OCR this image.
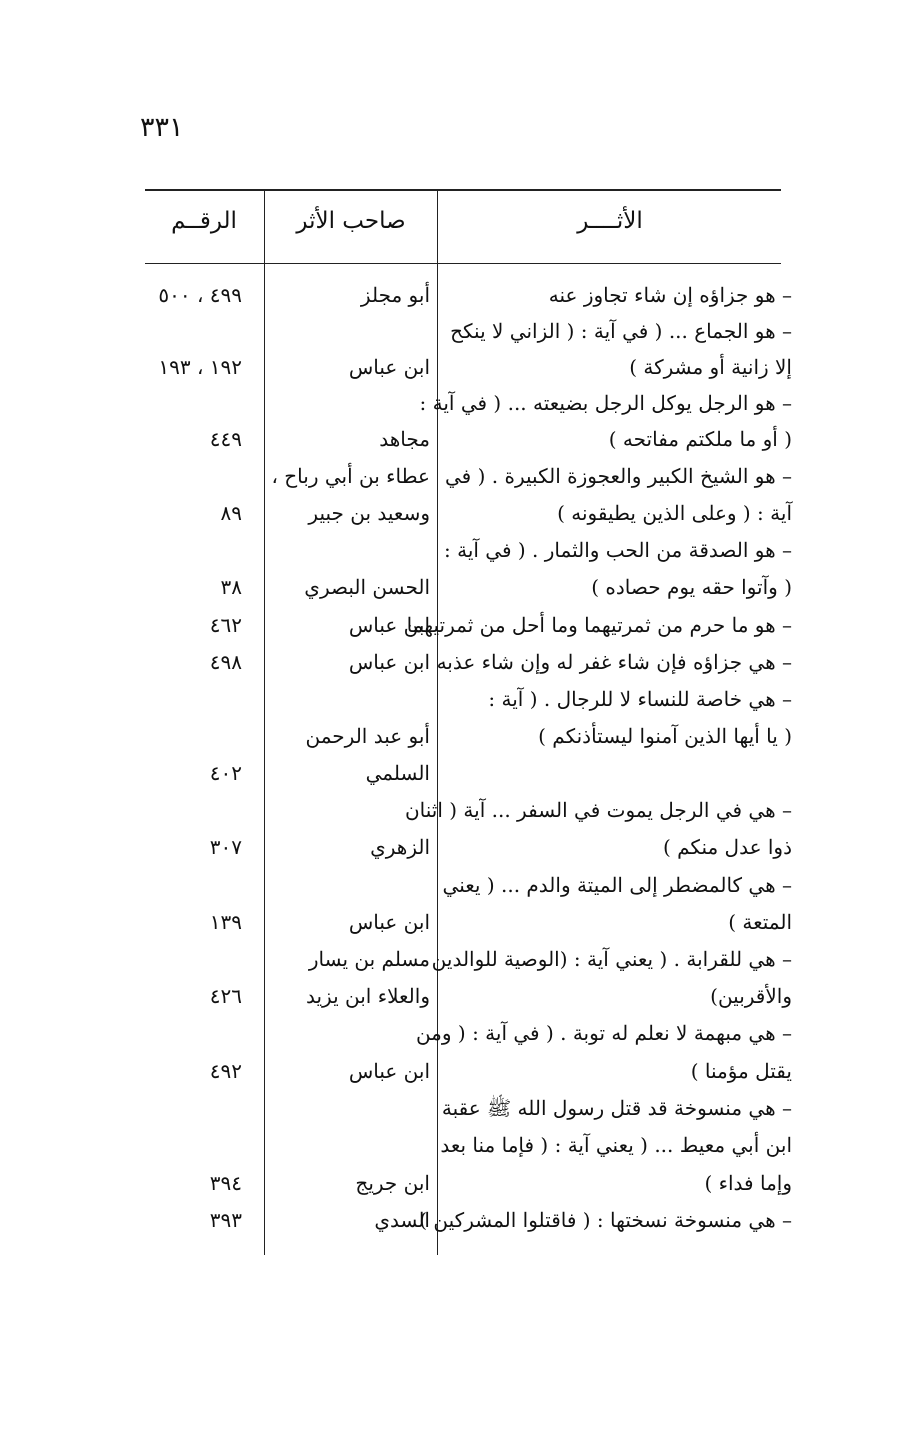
٣٣١
الأثــــر
صاحب الأثر
الرقــم
– هو جزاؤه إن شاء تجاوز عنه
– هو الجماع ... ( في آية : ( الزاني لا ينكح
إلا زانية أو مشركة )
– هو الرجل يوكل الرجل بضيعته ... ( في آية :
( أو ما ملكتم مفاتحه )
– هو الشيخ الكبير والعجوزة الكبيرة . ( في
آية : ( وعلى الذين يطيقونه )
– هو الصدقة من الحب والثمار . ( في آية :
( وآتوا حقه يوم حصاده )
– هو ما حرم من ثمرتيهما وما أحل من ثمرتيهما
– هي جزاؤه فإن شاء غفر له وإن شاء عذبه
– هي خاصة للنساء لا للرجال . ( آية :
( يا أيها الذين آمنوا ليستأذنكم )
– هي في الرجل يموت في السفر ... آية ( اثنان
ذوا عدل منكم )
– هي كالمضطر إلى الميتة والدم ... ( يعني
المتعة )
– هي للقرابة . ( يعني آية : (الوصية للوالدين
والأقربين)
– هي مبهمة لا نعلم له توبة . ( في آية : ( ومن
يقتل مؤمنا )
– هي منسوخة قد قتل رسول الله ﷺ عقبة
ابن أبي معيط ... ( يعني آية : ( فإما منا بعد
وإما فداء )
– هي منسوخة نسختها : ( فاقتلوا المشركين )
أبو مجلز
ابن عباس
مجاهد
عطاء بن أبي رباح ،
وسعيد بن جبير
الحسن البصري
ابن عباس
ابن عباس
أبو عبد الرحمن
السلمي
الزهري
ابن عباس
مسلم بن يسار
والعلاء ابن يزيد
ابن عباس
ابن جريج
السدي
٤٩٩ ، ٥٠٠
١٩٢ ، ١٩٣
٤٤٩
٨٩
٣٨
٤٦٢
٤٩٨
٤٠٢
٣٠٧
١٣٩
٤٢٦
٤٩٢
٣٩٤
٣٩٣
